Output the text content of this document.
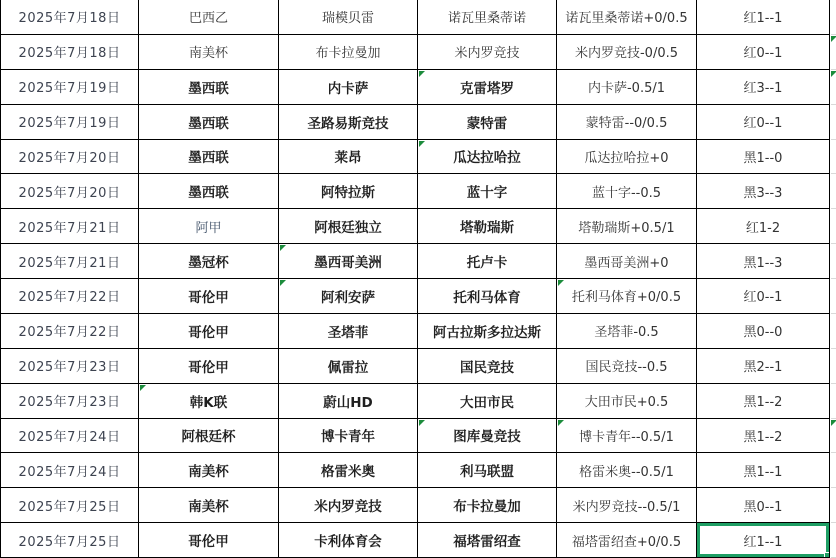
2025年7月18日	巴西乙	瑞模贝雷	诺瓦里桑蒂诺	诺瓦里桑蒂诺+0/0.5	红1--1
2025年7月18日	南美杯	布卡拉曼加	米内罗竞技	米内罗竞技-0/0.5	红0--1
2025年7月19日	墨西联	内卡萨	克雷塔罗	内卡萨-0.5/1	红3--1
2025年7月19日	墨西联	圣路易斯竞技	蒙特雷	蒙特雷--0/0.5	红0--1
2025年7月20日	墨西联	莱昂	瓜达拉哈拉	瓜达拉哈拉+0	黑1--0
2025年7月20日	墨西联	阿特拉斯	蓝十字	蓝十字--0.5	黑3--3
2025年7月21日	阿甲	阿根廷独立	塔勒瑞斯	塔勒瑞斯+0.5/1	红1-2
2025年7月21日	墨冠杯	墨西哥美洲	托卢卡	墨西哥美洲+0	黑1--3
2025年7月22日	哥伦甲	阿利安萨	托利马体育	托利马体育+0/0.5	红0--1
2025年7月22日	哥伦甲	圣塔菲	阿古拉斯多拉达斯	圣塔菲-0.5	黑0--0
2025年7月23日	哥伦甲	佩雷拉	国民竞技	国民竞技--0.5	黑2--1
2025年7月23日	韩K联	蔚山HD	大田市民	大田市民+0.5	黑1--2
2025年7月24日	阿根廷杯	博卡青年	图库曼竞技	博卡青年--0.5/1	黑1--2
2025年7月24日	南美杯	格雷米奥	利马联盟	格雷米奥--0.5/1	黑1--1
2025年7月25日	南美杯	米内罗竞技	布卡拉曼加	米内罗竞技--0.5/1	黑0--1
2025年7月25日	哥伦甲	卡利体育会	福塔雷绍查	福塔雷绍查+0/0.5	红1--1
